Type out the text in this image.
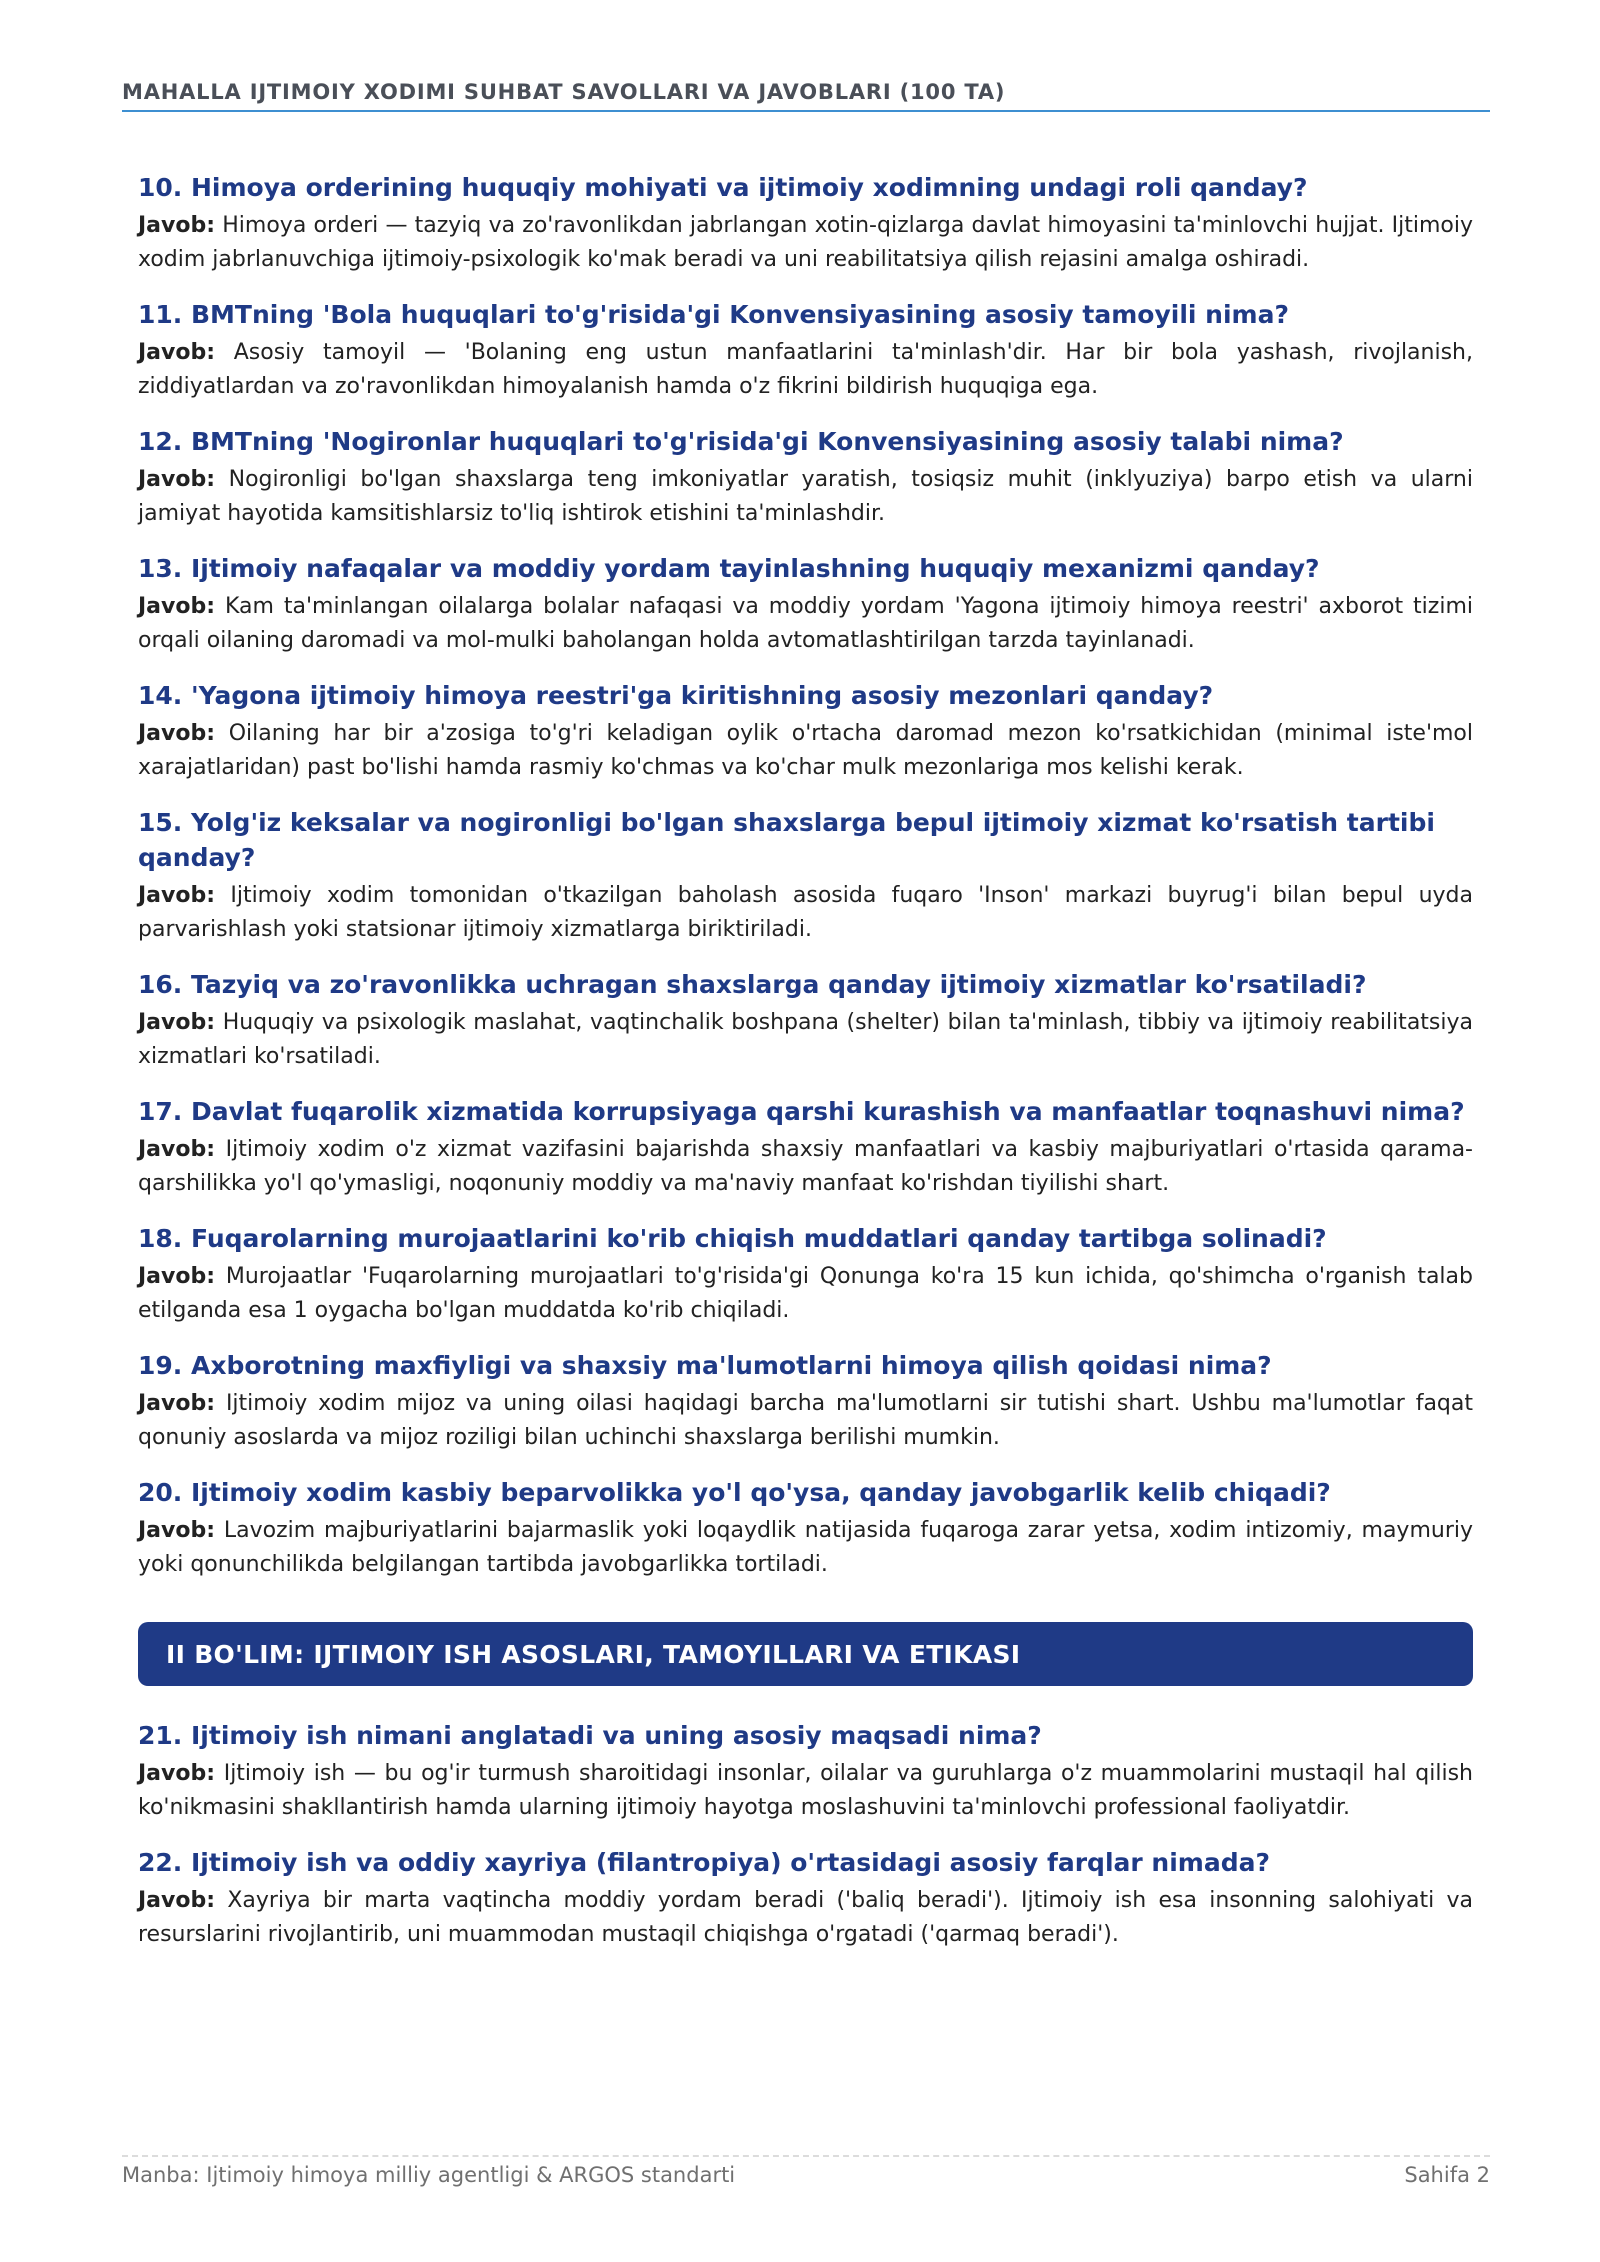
MAHALLA IJTIMOIY XODIMI SUHBAT SAVOLLARI VA JAVOBLARI (100 TA)
10. Himoya orderining huquqiy mohiyati va ijtimoiy xodimning undagi roli qanday?
Javob: Himoya orderi — tazyiq va zo'ravonlikdan jabrlangan xotin-qizlarga davlat himoyasini ta'minlovchi hujjat. Ijtimoiy xodim jabrlanuvchiga ijtimoiy-psixologik ko'mak beradi va uni reabilitatsiya qilish rejasini amalga oshiradi.
11. BMTning 'Bola huquqlari to'g'risida'gi Konvensiyasining asosiy tamoyili nima?
Javob: Asosiy tamoyil — 'Bolaning eng ustun manfaatlarini ta'minlash'dir. Har bir bola yashash, rivojlanish, ziddiyatlardan va zo'ravonlikdan himoyalanish hamda o'z fikrini bildirish huquqiga ega.
12. BMTning 'Nogironlar huquqlari to'g'risida'gi Konvensiyasining asosiy talabi nima?
Javob: Nogironligi bo'lgan shaxslarga teng imkoniyatlar yaratish, tosiqsiz muhit (inklyuziya) barpo etish va ularni jamiyat hayotida kamsitishlarsiz to'liq ishtirok etishini ta'minlashdir.
13. Ijtimoiy nafaqalar va moddiy yordam tayinlashning huquqiy mexanizmi qanday?
Javob: Kam ta'minlangan oilalarga bolalar nafaqasi va moddiy yordam 'Yagona ijtimoiy himoya reestri' axborot tizimi orqali oilaning daromadi va mol-mulki baholangan holda avtomatlashtirilgan tarzda tayinlanadi.
14. 'Yagona ijtimoiy himoya reestri'ga kiritishning asosiy mezonlari qanday?
Javob: Oilaning har bir a'zosiga to'g'ri keladigan oylik o'rtacha daromad mezon ko'rsatkichidan (minimal iste'mol xarajatlaridan) past bo'lishi hamda rasmiy ko'chmas va ko'char mulk mezonlariga mos kelishi kerak.
15. Yolg'iz keksalar va nogironligi bo'lgan shaxslarga bepul ijtimoiy xizmat ko'rsatish tartibi qanday?
Javob: Ijtimoiy xodim tomonidan o'tkazilgan baholash asosida fuqaro 'Inson' markazi buyrug'i bilan bepul uyda parvarishlash yoki statsionar ijtimoiy xizmatlarga biriktiriladi.
16. Tazyiq va zo'ravonlikka uchragan shaxslarga qanday ijtimoiy xizmatlar ko'rsatiladi?
Javob: Huquqiy va psixologik maslahat, vaqtinchalik boshpana (shelter) bilan ta'minlash, tibbiy va ijtimoiy reabilitatsiya xizmatlari ko'rsatiladi.
17. Davlat fuqarolik xizmatida korrupsiyaga qarshi kurashish va manfaatlar toqnashuvi nima?
Javob: Ijtimoiy xodim o'z xizmat vazifasini bajarishda shaxsiy manfaatlari va kasbiy majburiyatlari o'rtasida qarama-qarshilikka yo'l qo'ymasligi, noqonuniy moddiy va ma'naviy manfaat ko'rishdan tiyilishi shart.
18. Fuqarolarning murojaatlarini ko'rib chiqish muddatlari qanday tartibga solinadi?
Javob: Murojaatlar 'Fuqarolarning murojaatlari to'g'risida'gi Qonunga ko'ra 15 kun ichida, qo'shimcha o'rganish talab etilganda esa 1 oygacha bo'lgan muddatda ko'rib chiqiladi.
19. Axborotning maxfiyligi va shaxsiy ma'lumotlarni himoya qilish qoidasi nima?
Javob: Ijtimoiy xodim mijoz va uning oilasi haqidagi barcha ma'lumotlarni sir tutishi shart. Ushbu ma'lumotlar faqat qonuniy asoslarda va mijoz roziligi bilan uchinchi shaxslarga berilishi mumkin.
20. Ijtimoiy xodim kasbiy beparvolikka yo'l qo'ysa, qanday javobgarlik kelib chiqadi?
Javob: Lavozim majburiyatlarini bajarmaslik yoki loqaydlik natijasida fuqaroga zarar yetsa, xodim intizomiy, maymuriy yoki qonunchilikda belgilangan tartibda javobgarlikka tortiladi.
II BO'LIM: IJTIMOIY ISH ASOSLARI, TAMOYILLARI VA ETIKASI
21. Ijtimoiy ish nimani anglatadi va uning asosiy maqsadi nima?
Javob: Ijtimoiy ish — bu og'ir turmush sharoitidagi insonlar, oilalar va guruhlarga o'z muammolarini mustaqil hal qilish ko'nikmasini shakllantirish hamda ularning ijtimoiy hayotga moslashuvini ta'minlovchi professional faoliyatdir.
22. Ijtimoiy ish va oddiy xayriya (filantropiya) o'rtasidagi asosiy farqlar nimada?
Javob: Xayriya bir marta vaqtincha moddiy yordam beradi ('baliq beradi'). Ijtimoiy ish esa insonning salohiyati va resurslarini rivojlantirib, uni muammodan mustaqil chiqishga o'rgatadi ('qarmaq beradi').
Manba: Ijtimoiy himoya milliy agentligi & ARGOS standarti	Sahifa 2
